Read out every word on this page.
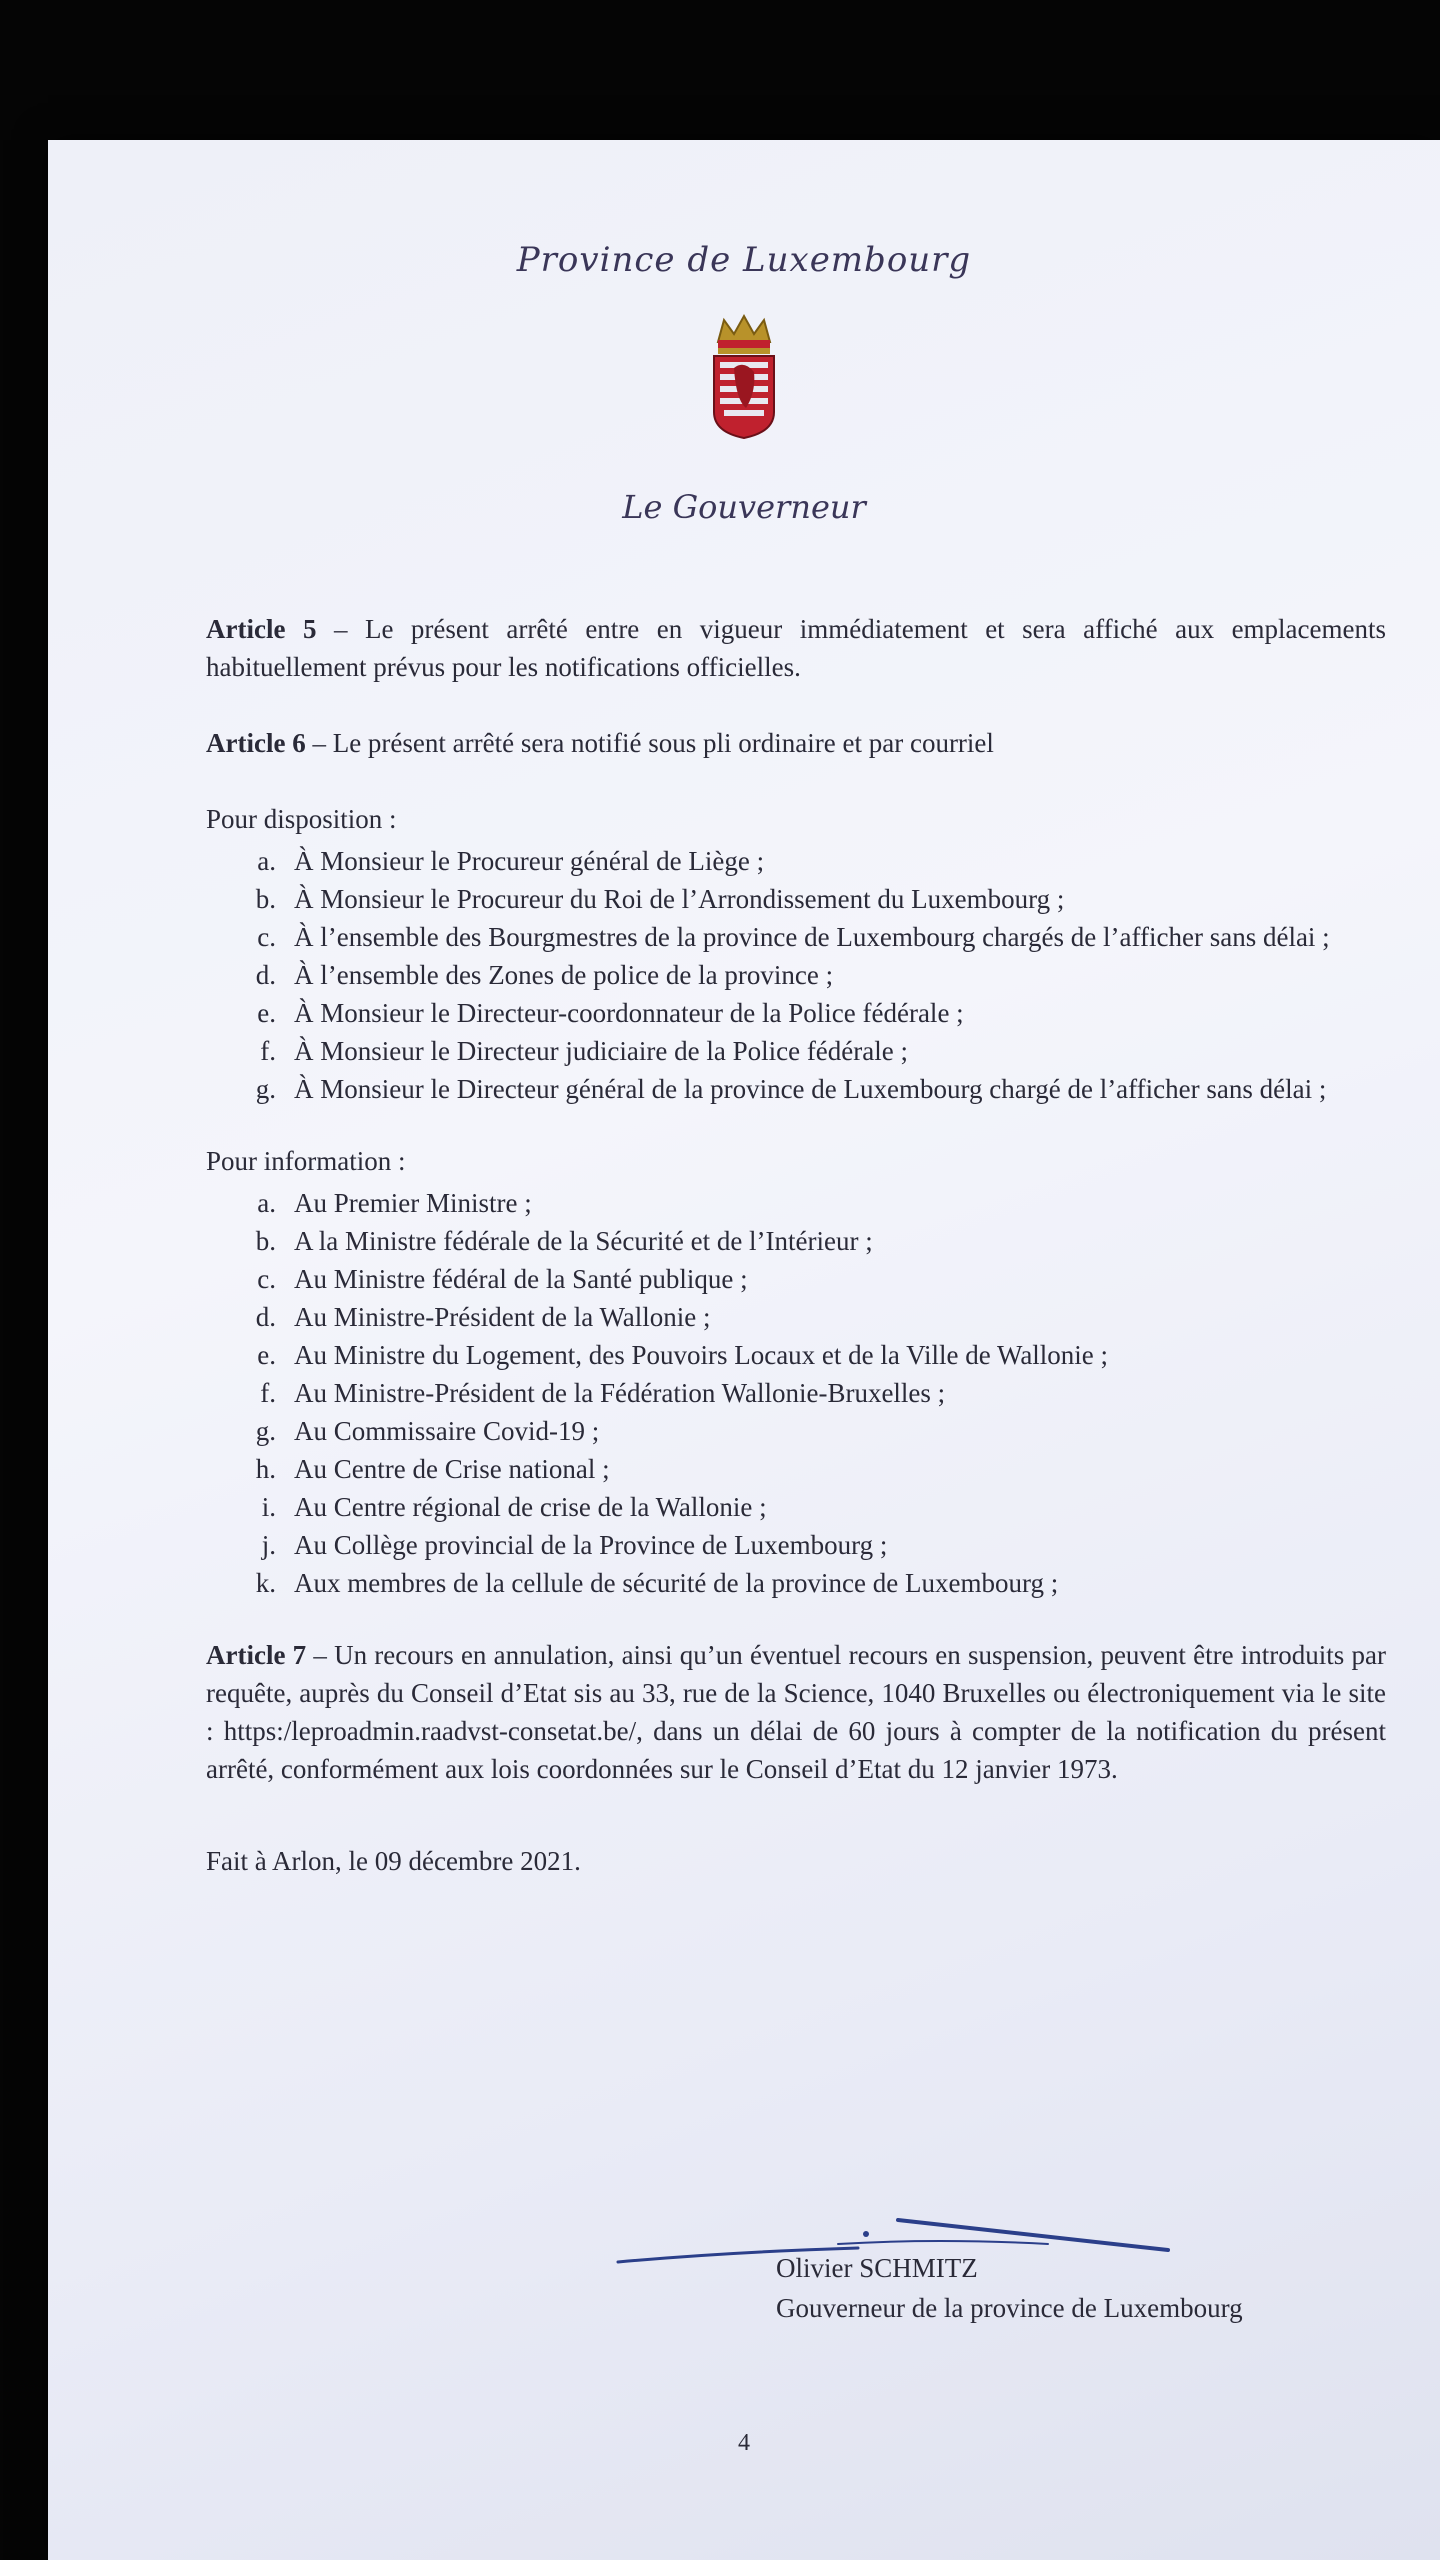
Province de Luxembourg
Le Gouverneur

Article 5 – Le présent arrêté entre en vigueur immédiatement et sera affiché aux emplacements habituellement prévus pour les notifications officielles.

Article 6 – Le présent arrêté sera notifié sous pli ordinaire et par courriel

Pour disposition :

a. À Monsieur le Procureur général de Liège ;
b. À Monsieur le Procureur du Roi de l’Arrondissement du Luxembourg ;
c. À l’ensemble des Bourgmestres de la province de Luxembourg chargés de l’afficher sans délai ;
d. À l’ensemble des Zones de police de la province ;
e. À Monsieur le Directeur-coordonnateur de la Police fédérale ;
f. À Monsieur le Directeur judiciaire de la Police fédérale ;
g. À Monsieur le Directeur général de la province de Luxembourg chargé de l’afficher sans délai ;

Pour information :

a. Au Premier Ministre ;
b. A la Ministre fédérale de la Sécurité et de l’Intérieur ;
c. Au Ministre fédéral de la Santé publique ;
d. Au Ministre-Président de la Wallonie ;
e. Au Ministre du Logement, des Pouvoirs Locaux et de la Ville de Wallonie ;
f. Au Ministre-Président de la Fédération Wallonie-Bruxelles ;
g. Au Commissaire Covid-19 ;
h. Au Centre de Crise national ;
i. Au Centre régional de crise de la Wallonie ;
j. Au Collège provincial de la Province de Luxembourg ;
k. Aux membres de la cellule de sécurité de la province de Luxembourg ;

Article 7 – Un recours en annulation, ainsi qu’un éventuel recours en suspension, peuvent être introduits par requête, auprès du Conseil d’Etat sis au 33, rue de la Science, 1040 Bruxelles ou électroniquement via le site : https:/leproadmin.raadvst-consetat.be/, dans un délai de 60 jours à compter de la notification du présent arrêté, conformément aux lois coordonnées sur le Conseil d’Etat du 12 janvier 1973.

Fait à Arlon, le 09 décembre 2021.

Olivier SCHMITZ
Gouverneur de la province de Luxembourg
4
